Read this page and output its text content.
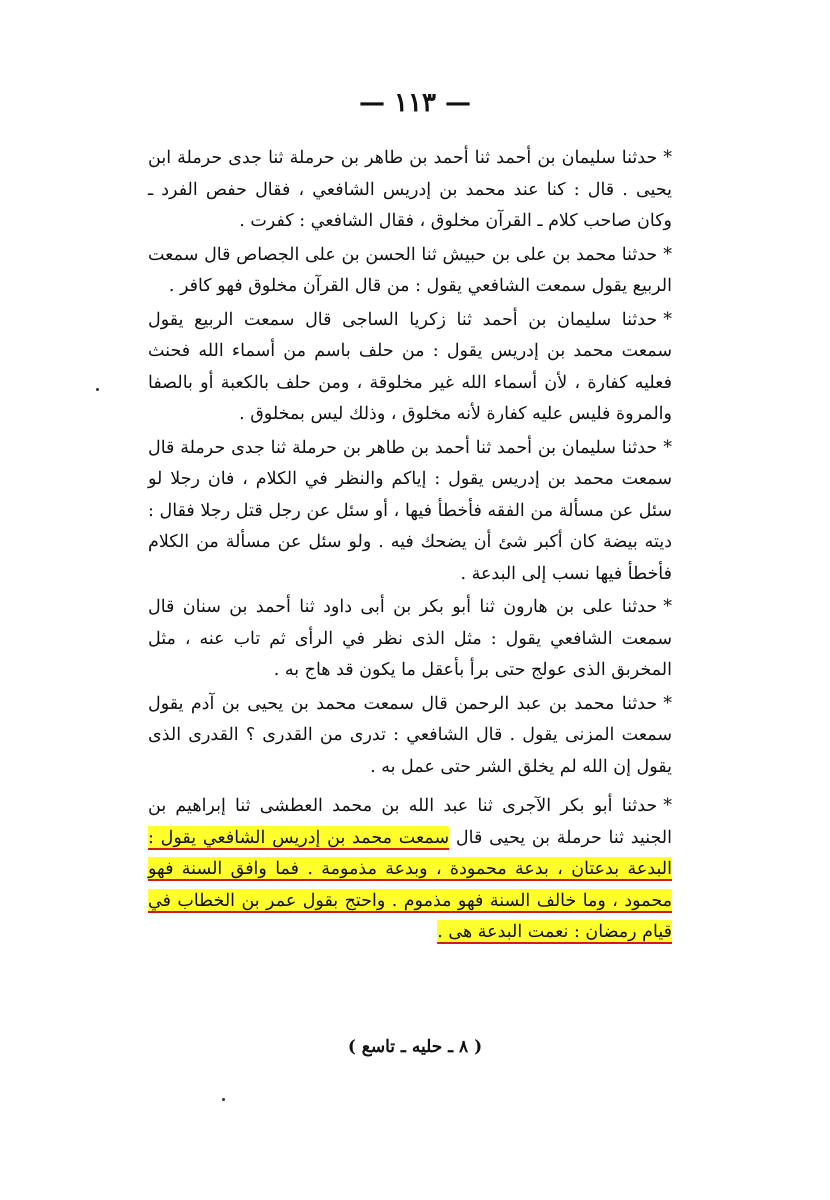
— ١١٣ —

*حدثنا سليمان بن أحمد ثنا أحمد بن طاهر بن حرملة ثنا جدى حرملة ابن يحيى . قال : كنا عند محمد بن إدريس الشافعي ، فقال حفص الفرد ـ وكان صاحب كلام ـ القرآن مخلوق ، فقال الشافعي : كفرت .

*حدثنا محمد بن على بن حبيش ثنا الحسن بن على الجصاص قال سمعت الربيع يقول سمعت الشافعي يقول : من قال القرآن مخلوق فهو كافر .

*حدثنا سليمان بن أحمد ثنا زكريا الساجى قال سمعت الربيع يقول سمعت محمد بن إدريس يقول : من حلف باسم من أسماء الله فحنث فعليه كفارة ، لأن أسماء الله غير مخلوقة ، ومن حلف بالكعبة أو بالصفا والمروة فليس عليه كفارة لأنه مخلوق ، وذلك ليس بمخلوق .

*حدثنا سليمان بن أحمد ثنا أحمد بن طاهر بن حرملة ثنا جدى حرملة قال سمعت محمد بن إدريس يقول : إياكم والنظر في الكلام ، فان رجلا لو سئل عن مسألة من الفقه فأخطأ فيها ، أو سئل عن رجل قتل رجلا فقال : ديته بيضة كان أكبر شئ أن يضحك فيه . ولو سئل عن مسألة من الكلام فأخطأ فيها نسب إلى البدعة .

*حدثنا على بن هارون ثنا أبو بكر بن أبى داود ثنا أحمد بن سنان قال سمعت الشافعي يقول : مثل الذى نظر في الرأى ثم تاب عنه ، مثل المخربق الذى عولج حتى برأ بأعقل ما يكون قد هاج به .

*حدثنا محمد بن عبد الرحمن قال سمعت محمد بن يحيى بن آدم يقول سمعت المزنى يقول . قال الشافعي : تدرى من القدرى ؟ القدرى الذى يقول إن الله لم يخلق الشر حتى عمل به .

*حدثنا أبو بكر الآجرى ثنا عبد الله بن محمد العطشى ثنا إبراهيم بن الجنيد ثنا حرملة بن يحيى قال سمعت محمد بن إدريس الشافعي يقول : البدعة بدعتان ، بدعة محمودة ، وبدعة مذمومة . فما وافق السنة فهو محمود ، وما خالف السنة فهو مذموم . واحتج بقول عمر بن الخطاب في قيام رمضان : نعمت البدعة هى .

( ٨ ـ حليه ـ تاسع )
